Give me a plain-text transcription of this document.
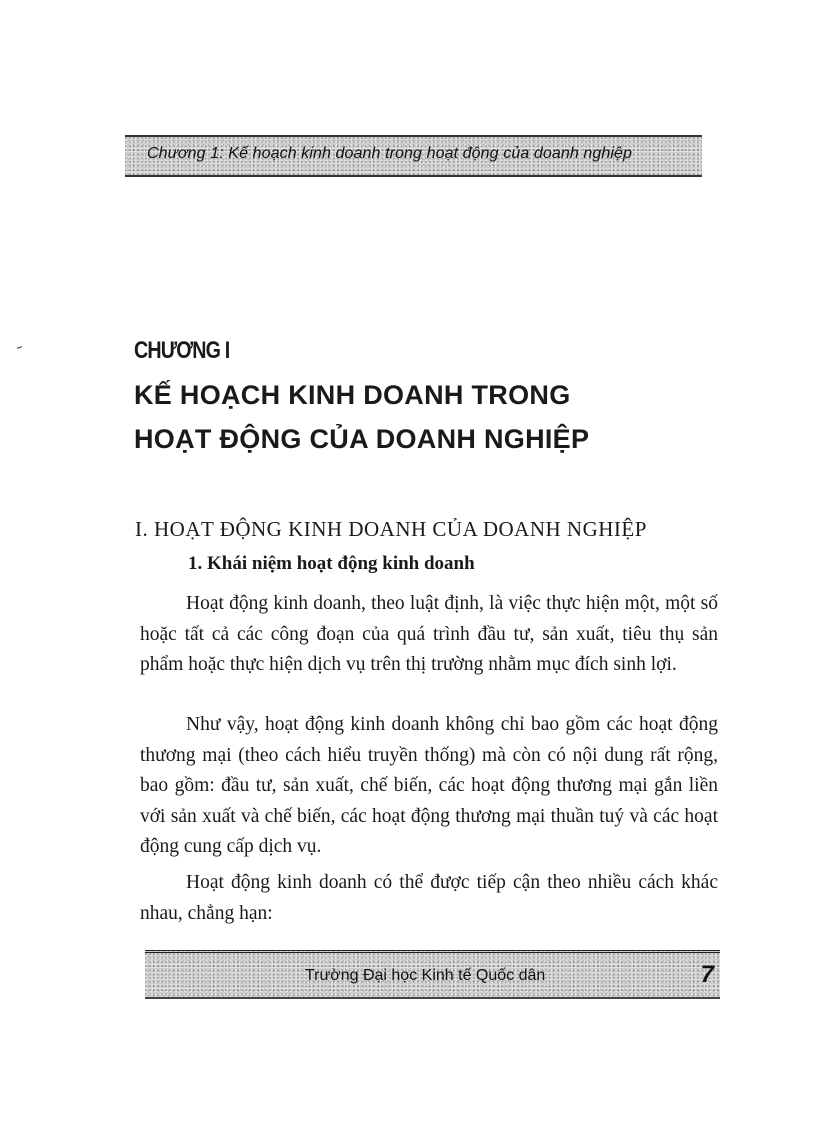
Chương 1: Kế hoạch kinh doanh trong hoạt động của doanh nghiệp
CHƯƠNG I
KẾ HOẠCH KINH DOANH TRONG
HOẠT ĐỘNG CỦA DOANH NGHIỆP
I. HOẠT ĐỘNG KINH DOANH CỦA DOANH NGHIỆP
1. Khái niệm hoạt động kinh doanh

Hoạt động kinh doanh, theo luật định, là việc thực hiện một, một số hoặc tất cả các công đoạn của quá trình đầu tư, sản xuất, tiêu thụ sản phẩm hoặc thực hiện dịch vụ trên thị trường nhằm mục đích sinh lợi.

Như vậy, hoạt động kinh doanh không chỉ bao gồm các hoạt động thương mại (theo cách hiểu truyền thống) mà còn có nội dung rất rộng, bao gồm: đầu tư, sản xuất, chế biến, các hoạt động thương mại gắn liền với sản xuất và chế biến, các hoạt động thương mại thuần tuý và các hoạt động cung cấp dịch vụ.

Hoạt động kinh doanh có thể được tiếp cận theo nhiều cách khác nhau, chẳng hạn:

Trường Đại học Kinh tế Quốc dân	7
